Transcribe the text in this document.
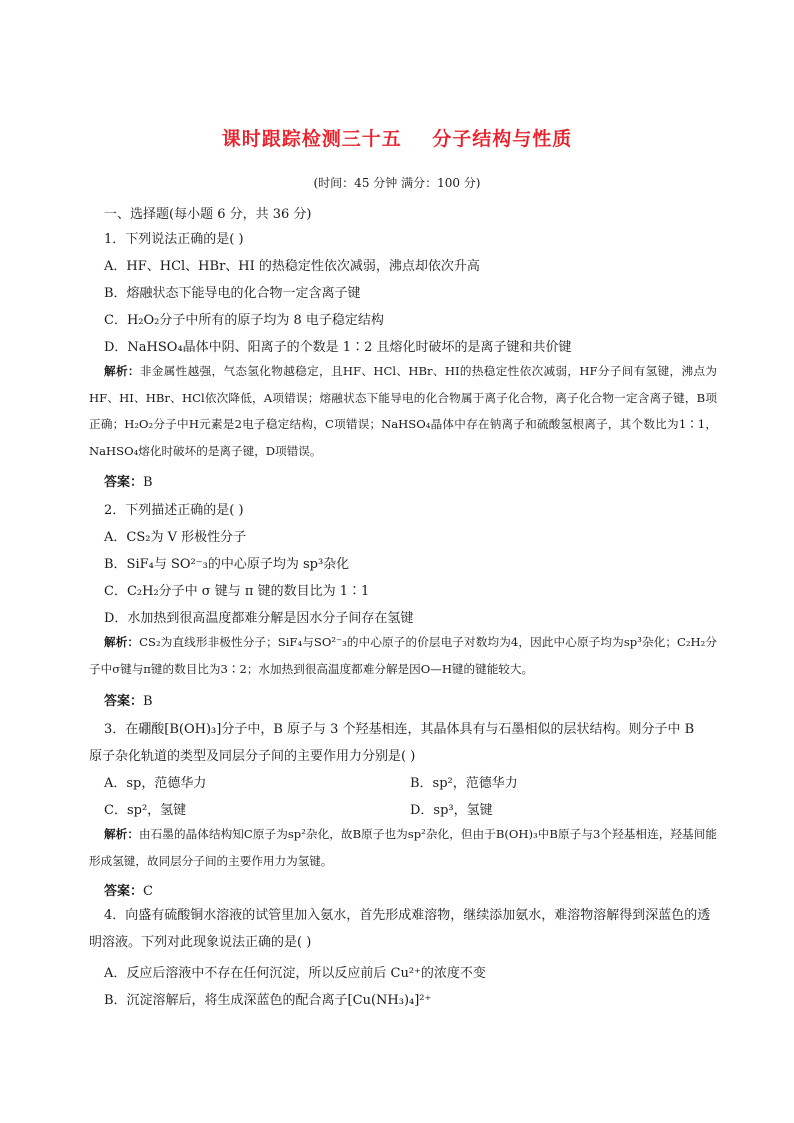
课时跟踪检测三十五    分子结构与性质
(时间：45 分钟 满分：100 分)
一、选择题(每小题 6 分，共 36 分)
1．下列说法正确的是( )
A．HF、HCl、HBr、HI 的热稳定性依次减弱，沸点却依次升高
B．熔融状态下能导电的化合物一定含离子键
C．H₂O₂分子中所有的原子均为 8 电子稳定结构
D．NaHSO₄晶体中阴、阳离子的个数是 1∶2 且熔化时破坏的是离子键和共价键
解析：非金属性越强，气态氢化物越稳定，且HF、HCl、HBr、HI的热稳定性依次减弱，HF分子间有氢键，沸点为HF、HI、HBr、HCl依次降低，A项错误；熔融状态下能导电的化合物属于离子化合物，离子化合物一定含离子键，B项正确；H₂O₂分子中H元素是2电子稳定结构，C项错误；NaHSO₄晶体中存在钠离子和硫酸氢根离子，其个数比为1∶1，NaHSO₄熔化时破坏的是离子键，D项错误。
答案：B
2．下列描述正确的是( )
A．CS₂为 V 形极性分子
B．SiF₄与 SO²⁻₃的中心原子均为 sp³杂化
C．C₂H₂分子中 σ 键与 π 键的数目比为 1∶1
D．水加热到很高温度都难分解是因水分子间存在氢键
解析：CS₂为直线形非极性分子；SiF₄与SO²⁻₃的中心原子的价层电子对数均为4，因此中心原子均为sp³杂化；C₂H₂分子中σ键与π键的数目比为3∶2；水加热到很高温度都难分解是因O—H键的键能较大。
答案：B
3．在硼酸[B(OH)₃]分子中，B 原子与 3 个羟基相连，其晶体具有与石墨相似的层状结构。则分子中 B
原子杂化轨道的类型及同层分子间的主要作用力分别是( )
A．sp，范德华力	B．sp²，范德华力
C．sp²，氢键	D．sp³，氢键
解析：由石墨的晶体结构知C原子为sp²杂化，故B原子也为sp²杂化，但由于B(OH)₃中B原子与3个羟基相连，羟基间能形成氢键，故同层分子间的主要作用力为氢键。
答案：C
4．向盛有硫酸铜水溶液的试管里加入氨水，首先形成难溶物，继续添加氨水，难溶物溶解得到深蓝色的透明溶液。下列对此现象说法正确的是( )
A．反应后溶液中不存在任何沉淀，所以反应前后 Cu²⁺的浓度不变
B．沉淀溶解后，将生成深蓝色的配合离子[Cu(NH₃)₄]²⁺
